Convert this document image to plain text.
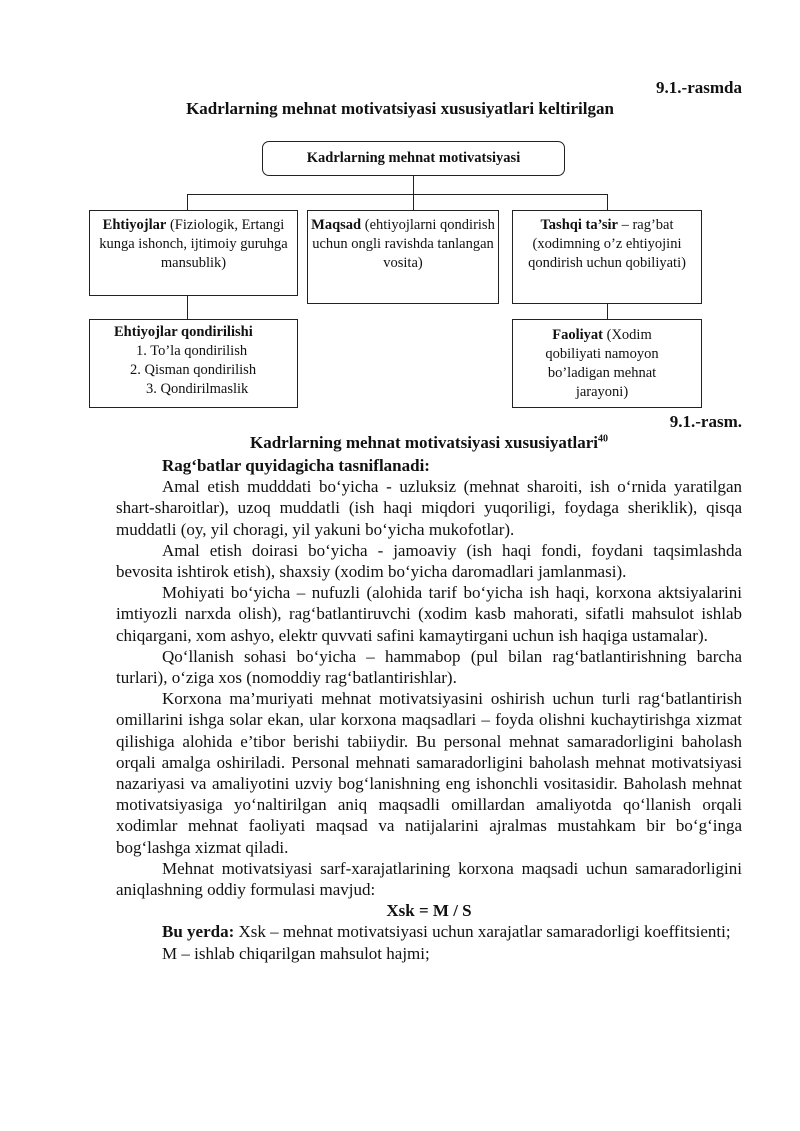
9.1.-rasmda
Kadrlarning mehnat motivatsiyasi xususiyatlari keltirilgan
Kadrlarning mehnat motivatsiyasi
Ehtiyojlar (Fiziologik, Ertangi kunga ishonch, ijtimoiy guruhga mansublik)
Maqsad (ehtiyojlarni qondirish uchun ongli ravishda tanlangan vosita)
Tashqi ta’sir – rag’bat (xodimning o’z ehtiyojini qondirish uchun qobiliyati)
Ehtiyojlar qondirilishi
1. To’la qondirilish
2. Qisman qondirilish
3. Qondirilmaslik
Faoliyat (Xodim qobiliyati namoyon bo’ladigan mehnat jarayoni)
9.1.-rasm.
Kadrlarning mehnat motivatsiyasi xususiyatlari$^{40}$

Rag‘batlar quyidagicha tasniflanadi:

Amal etish mudddati bo‘yicha - uzluksiz (mehnat sharoiti, ish o‘rnida yaratilgan shart-sharoitlar), uzoq muddatli (ish haqi miqdori yuqoriligi, foydaga sheriklik), qisqa muddatli (oy, yil choragi, yil yakuni bo‘yicha mukofotlar).

Amal etish doirasi bo‘yicha - jamoaviy (ish haqi fondi, foydani taqsimlashda bevosita ishtirok etish), shaxsiy (xodim bo‘yicha daromadlari jamlanmasi).

Mohiyati bo‘yicha – nufuzli (alohida tarif bo‘yicha ish haqi, korxona aktsiyalarini imtiyozli narxda olish), rag‘batlantiruvchi (xodim kasb mahorati, sifatli mahsulot ishlab chiqargani, xom ashyo, elektr quvvati safini kamaytirgani uchun ish haqiga ustamalar).

Qo‘llanish sohasi bo‘yicha – hammabop (pul bilan rag‘batlantirishning barcha turlari), o‘ziga xos (nomoddiy rag‘batlantirishlar).

Korxona ma’muriyati mehnat motivatsiyasini oshirish uchun turli rag‘batlantirish omillarini ishga solar ekan, ular korxona maqsadlari – foyda olishni kuchaytirishga xizmat qilishiga alohida e’tibor berishi tabiiydir. Bu personal mehnat samaradorligini baholash orqali amalga oshiriladi. Personal mehnati samaradorligini baholash mehnat motivatsiyasi nazariyasi va amaliyotini uzviy bog‘lanishning eng ishonchli vositasidir. Baholash mehnat motivatsiyasiga yo‘naltirilgan aniq maqsadli omillardan amaliyotda qo‘llanish orqali xodimlar mehnat faoliyati maqsad va natijalarini ajralmas mustahkam bir bo‘g‘inga bog‘lashga xizmat qiladi.

Mehnat motivatsiyasi sarf-xarajatlarining korxona maqsadi uchun samaradorligini aniqlashning oddiy formulasi mavjud:

Xsk = M / S

Bu yerda: Xsk – mehnat motivatsiyasi uchun xarajatlar samaradorligi koeffitsienti;

M – ishlab chiqarilgan mahsulot hajmi;
